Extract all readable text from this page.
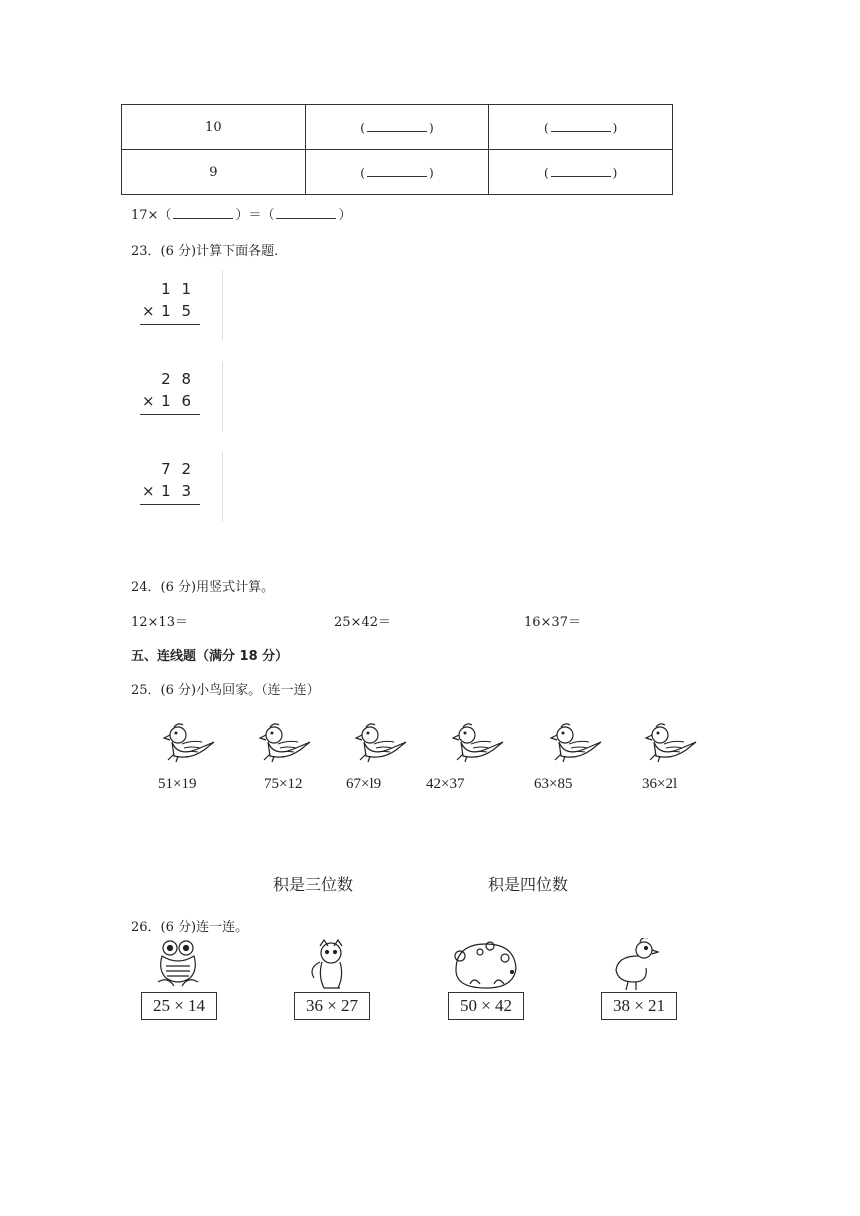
10	( )	( )
9	( )	( )
17×（	）＝（	）
23．(6 分)计算下面各题.
1 1
× 1 5
2 8
× 1 6
7 2
× 1 3
24．(6 分)用竖式计算。
12×13＝	25×42＝	16×37＝
五、连线题（满分 18 分）
25．(6 分)小鸟回家。（连一连）
51×19	75×12	67×l9	42×37	63×85	36×2l
积是三位数	积是四位数
26．(6 分)连一连。
25 × 14	36 × 27	50 × 42	38 × 21
